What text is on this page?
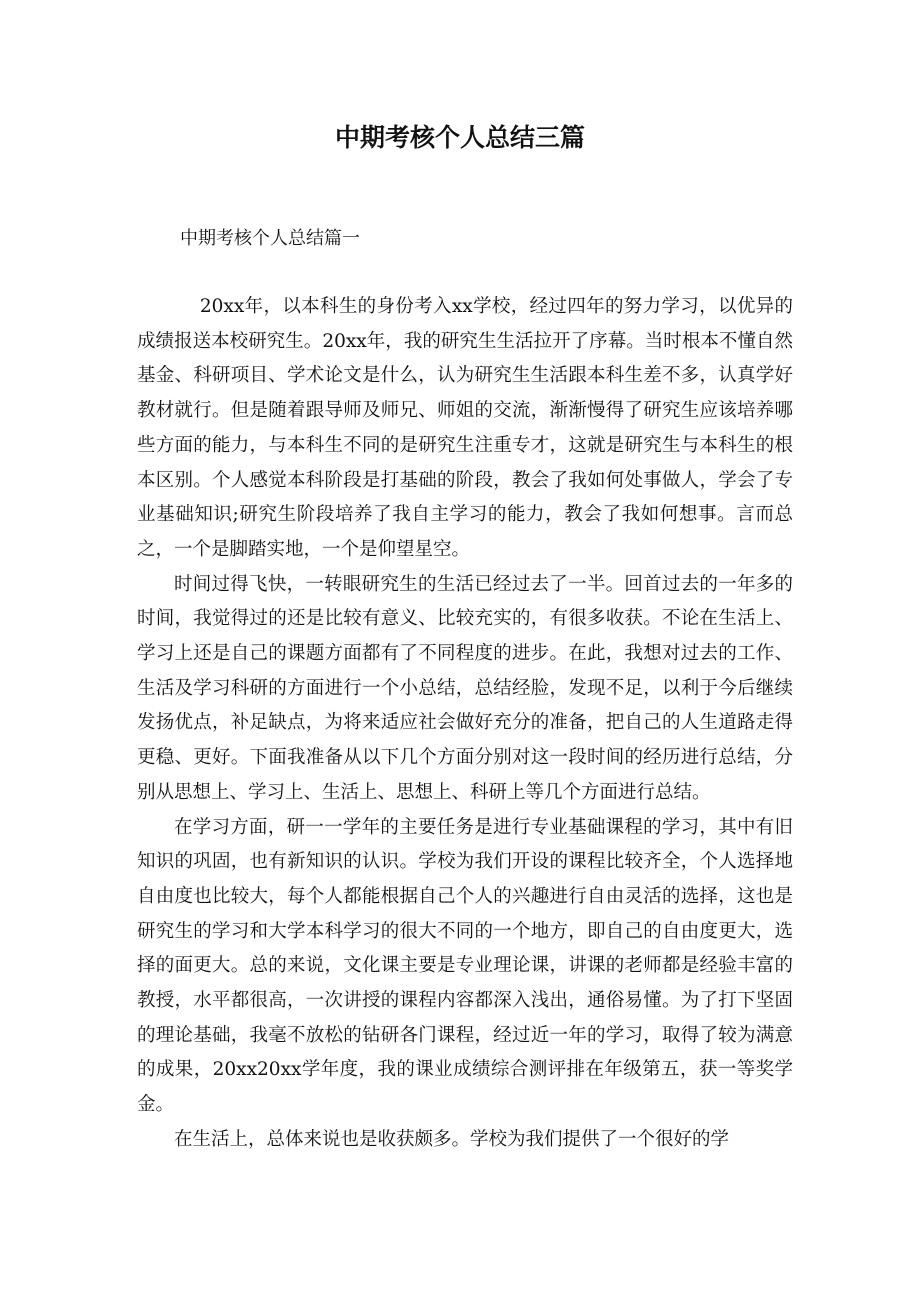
中期考核个人总结三篇
中期考核个人总结篇一

20xx年，以本科生的身份考入xx学校，经过四年的努力学习，以优异的成绩报送本校研究生。20xx年，我的研究生生活拉开了序幕。当时根本不懂自然基金、科研项目、学术论文是什么，认为研究生生活跟本科生差不多，认真学好教材就行。但是随着跟导师及师兄、师姐的交流，渐渐慢得了研究生应该培养哪些方面的能力，与本科生不同的是研究生注重专才，这就是研究生与本科生的根本区别。个人感觉本科阶段是打基础的阶段，教会了我如何处事做人，学会了专业基础知识;研究生阶段培养了我自主学习的能力，教会了我如何想事。言而总之，一个是脚踏实地，一个是仰望星空。

时间过得飞快，一转眼研究生的生活已经过去了一半。回首过去的一年多的时间，我觉得过的还是比较有意义、比较充实的，有很多收获。不论在生活上、学习上还是自己的课题方面都有了不同程度的进步。在此，我想对过去的工作、生活及学习科研的方面进行一个小总结，总结经脸，发现不足，以利于今后继续发扬优点，补足缺点，为将来适应社会做好充分的准备，把自己的人生道路走得更稳、更好。下面我准备从以下几个方面分别对这一段时间的经历进行总结，分别从思想上、学习上、生活上、思想上、科研上等几个方面进行总结。

在学习方面，研一一学年的主要任务是进行专业基础课程的学习，其中有旧知识的巩固，也有新知识的认识。学校为我们开设的课程比较齐全，个人选择地自由度也比较大，每个人都能根据自己个人的兴趣进行自由灵活的选择，这也是研究生的学习和大学本科学习的很大不同的一个地方，即自己的自由度更大，选择的面更大。总的来说，文化课主要是专业理论课，讲课的老师都是经验丰富的教授，水平都很高，一次讲授的课程内容都深入浅出，通俗易懂。为了打下坚固的理论基础，我毫不放松的钻研各门课程，经过近一年的学习，取得了较为满意的成果，20xx20xx学年度，我的课业成绩综合测评排在年级第五，获一等奖学金。

在生活上，总体来说也是收获颇多。学校为我们提供了一个很好的学
